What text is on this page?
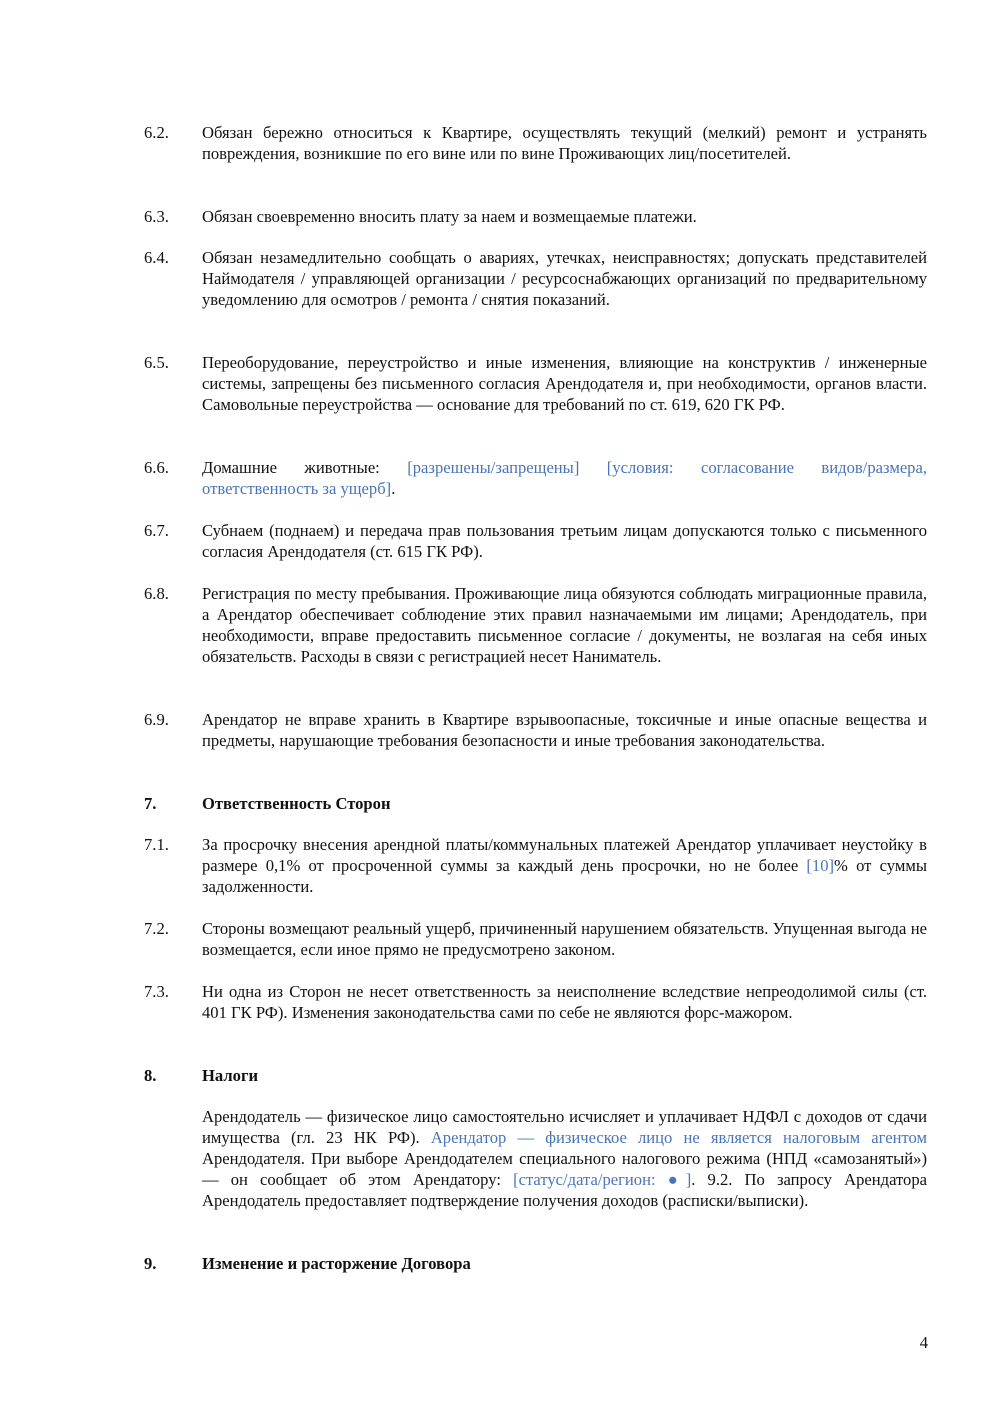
6.2.	Обязан бережно относиться к Квартире, осуществлять текущий (мелкий) ремонт и устранять повреждения, возникшие по его вине или по вине Проживающих лиц/посетителей.
6.3.	Обязан своевременно вносить плату за наем и возмещаемые платежи.
6.4.	Обязан незамедлительно сообщать о авариях, утечках, неисправностях; допускать представителей Наймодателя / управляющей организации / ресурсоснабжающих организаций по предварительному уведомлению для осмотров / ремонта / снятия показаний.
6.5.	Переоборудование, переустройство и иные изменения, влияющие на конструктив / инженерные системы, запрещены без письменного согласия Арендодателя и, при необходимости, органов власти. Самовольные переустройства — основание для требований по ст. 619, 620 ГК РФ.
6.6.	Домашние животные: [разрешены/запрещены] [условия: согласование видов/размера, ответственность за ущерб].
6.7.	Субнаем (поднаем) и передача прав пользования третьим лицам допускаются только с письменного согласия Арендодателя (ст. 615 ГК РФ).
6.8.	Регистрация по месту пребывания. Проживающие лица обязуются соблюдать миграционные правила, а Арендатор обеспечивает соблюдение этих правил назначаемыми им лицами; Арендодатель, при необходимости, вправе предоставить письменное согласие / документы, не возлагая на себя иных обязательств. Расходы в связи с регистрацией несет Наниматель.
6.9.	Арендатор не вправе хранить в Квартире взрывоопасные, токсичные и иные опасные вещества и предметы, нарушающие требования безопасности и иные требования законодательства.
7.	Ответственность Сторон
7.1.	За просрочку внесения арендной платы/коммунальных платежей Арендатор уплачивает неустойку в размере 0,1% от просроченной суммы за каждый день просрочки, но не более [10]% от суммы задолженности.
7.2.	Стороны возмещают реальный ущерб, причиненный нарушением обязательств. Упущенная выгода не возмещается, если иное прямо не предусмотрено законом.
7.3.	Ни одна из Сторон не несет ответственность за неисполнение вследствие непреодолимой силы (ст. 401 ГК РФ). Изменения законодательства сами по себе не являются форс-мажором.
8.	Налоги
Арендодатель — физическое лицо самостоятельно исчисляет и уплачивает НДФЛ с доходов от сдачи имущества (гл. 23 НК РФ). Арендатор — физическое лицо не является налоговым агентом Арендодателя. При выборе Арендодателем специального налогового режима (НПД «самозанятый») — он сообщает об этом Арендатору: [статус/дата/регион: ●]. 9.2. По запросу Арендатора Арендодатель предоставляет подтверждение получения доходов (расписки/выписки).
9.	Изменение и расторжение Договора
4
